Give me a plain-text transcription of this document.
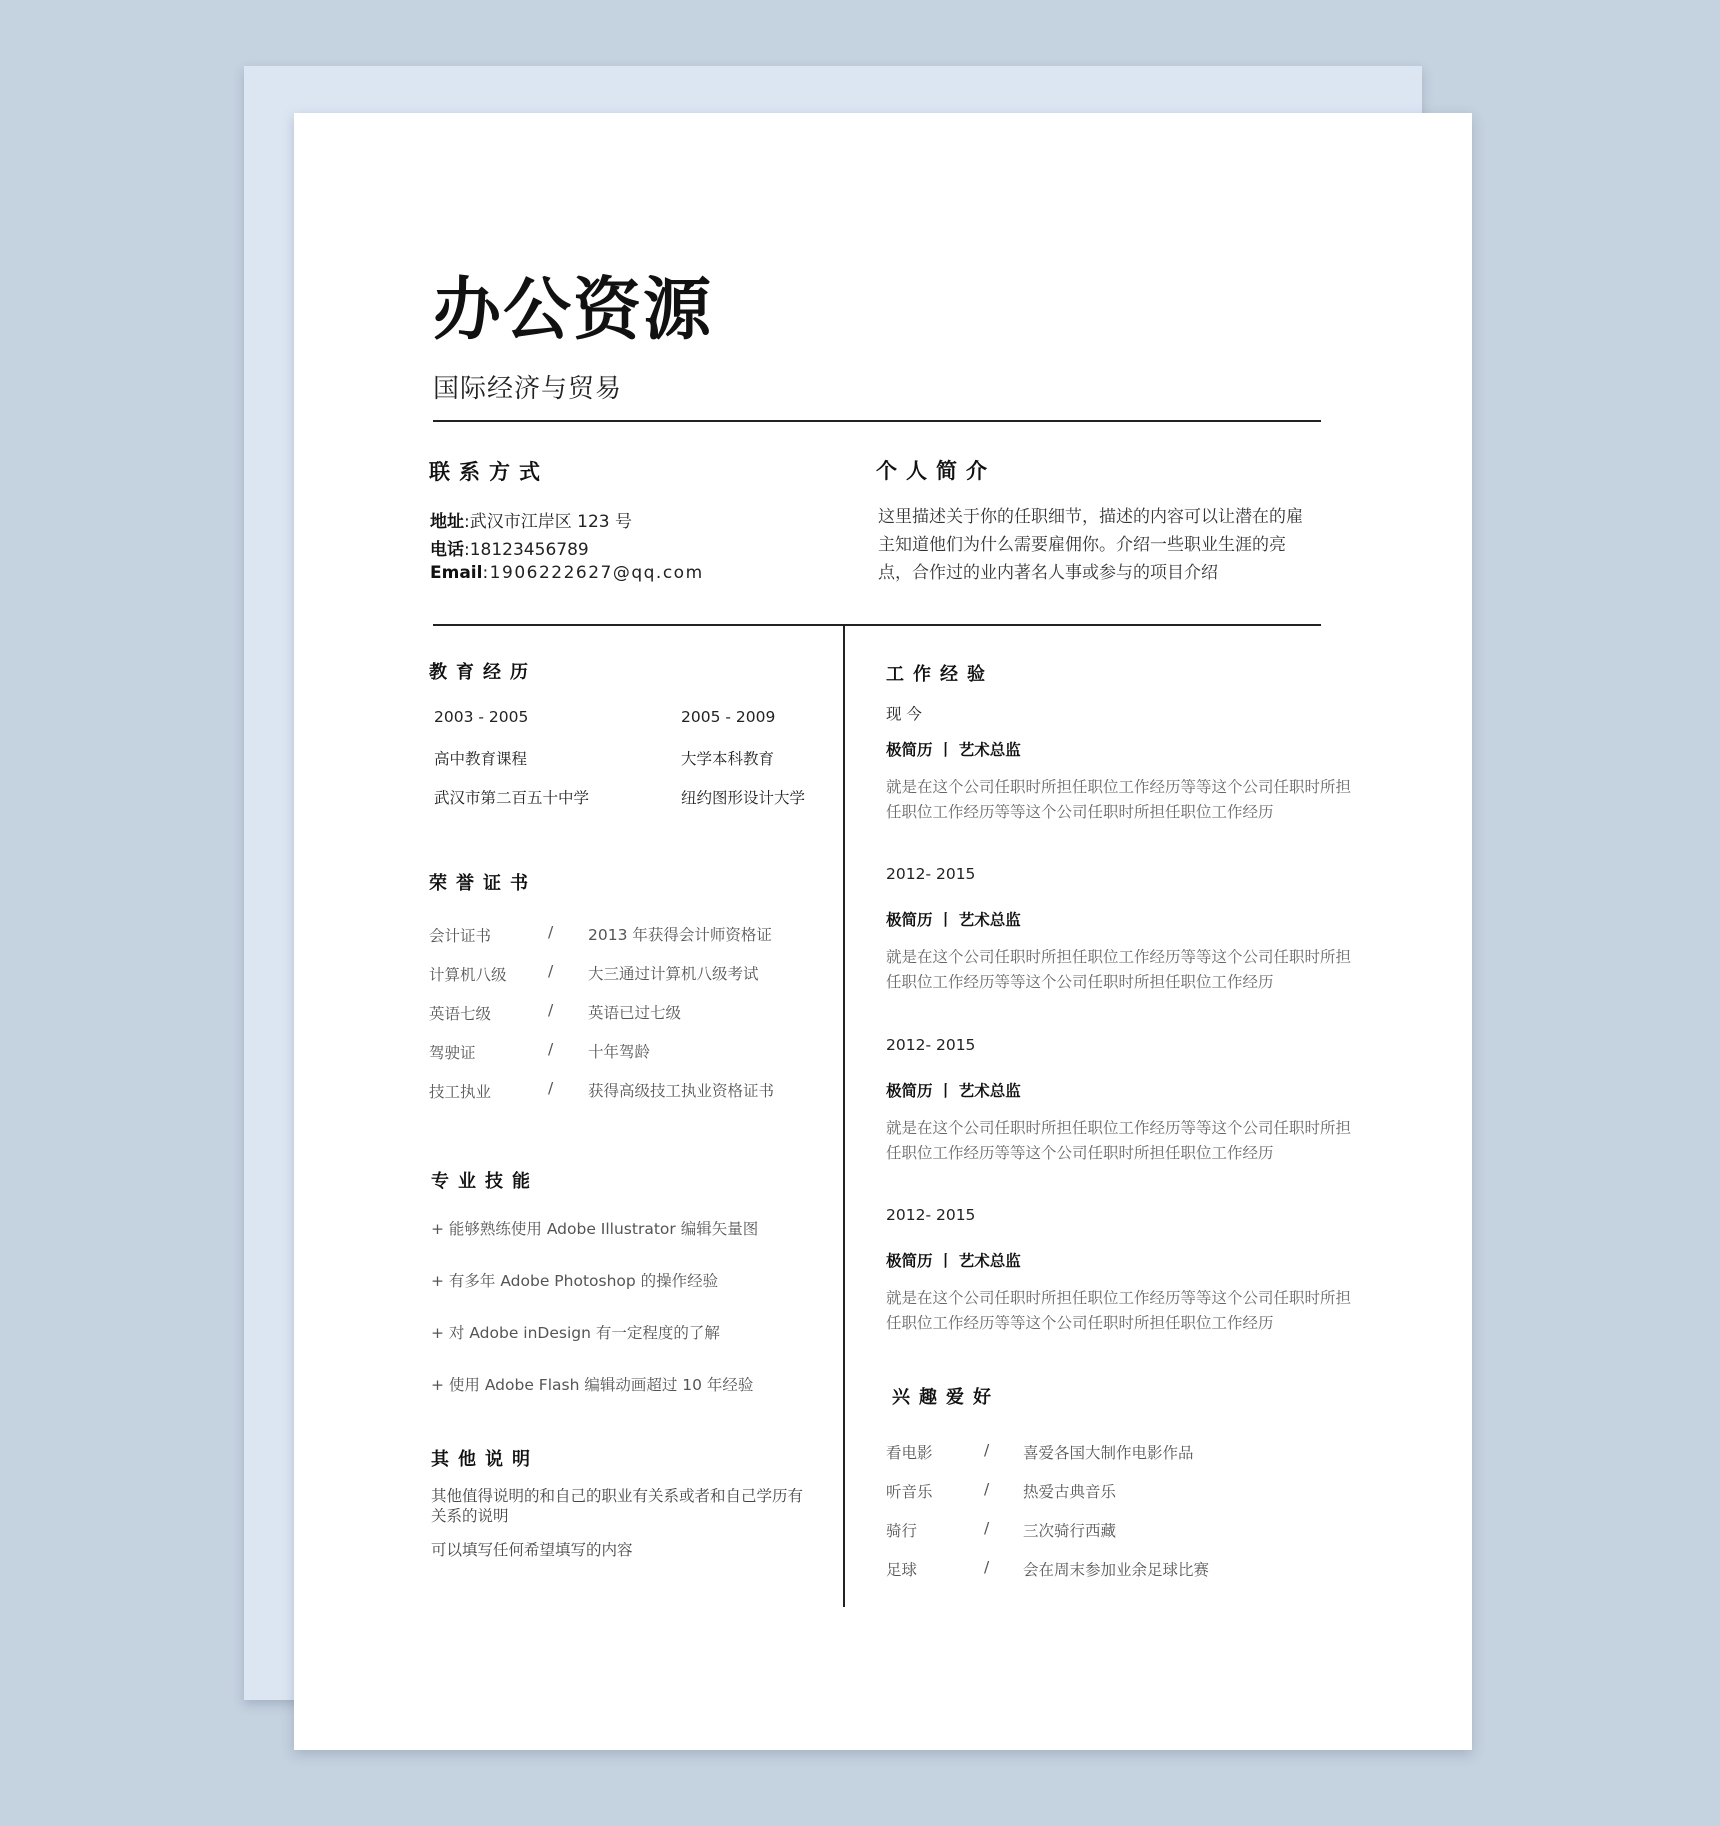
办公资源
国际经济与贸易
联系方式
地址:武汉市江岸区 123 号
电话:18123456789
Email:1906222627@qq.com
个人简介
这里描述关于你的任职细节，描述的内容可以让潜在的雇主知道他们为什么需要雇佣你。介绍一些职业生涯的亮点，合作过的业内著名人事或参与的项目介绍
教育经历
2003 - 2005
高中教育课程
武汉市第二百五十中学
2005 - 2009
大学本科教育
纽约图形设计大学
荣誉证书
会计证书	/ 2013 年获得会计师资格证
计算机八级	/ 大三通过计算机八级考试
英语七级	/ 英语已过七级
驾驶证	/ 十年驾龄
技工执业	/ 获得高级技工执业资格证书
专业技能
+ 能够熟练使用 Adobe Illustrator 编辑矢量图
+ 有多年 Adobe Photoshop 的操作经验
+ 对 Adobe inDesign 有一定程度的了解
+ 使用 Adobe Flash 编辑动画超过 10 年经验
其他说明
其他值得说明的和自己的职业有关系或者和自己学历有关系的说明
可以填写任何希望填写的内容
工作经验
现 今
极简历 丨 艺术总监
就是在这个公司任职时所担任职位工作经历等等这个公司任职时所担任职位工作经历等等这个公司任职时所担任职位工作经历
2012- 2015
极简历 丨 艺术总监
就是在这个公司任职时所担任职位工作经历等等这个公司任职时所担任职位工作经历等等这个公司任职时所担任职位工作经历
2012- 2015
极简历 丨 艺术总监
就是在这个公司任职时所担任职位工作经历等等这个公司任职时所担任职位工作经历等等这个公司任职时所担任职位工作经历
2012- 2015
极简历 丨 艺术总监
就是在这个公司任职时所担任职位工作经历等等这个公司任职时所担任职位工作经历等等这个公司任职时所担任职位工作经历
兴趣爱好
看电影	/ 喜爱各国大制作电影作品
听音乐	/ 热爱古典音乐
骑行	/ 三次骑行西藏
足球	/ 会在周末参加业余足球比赛
